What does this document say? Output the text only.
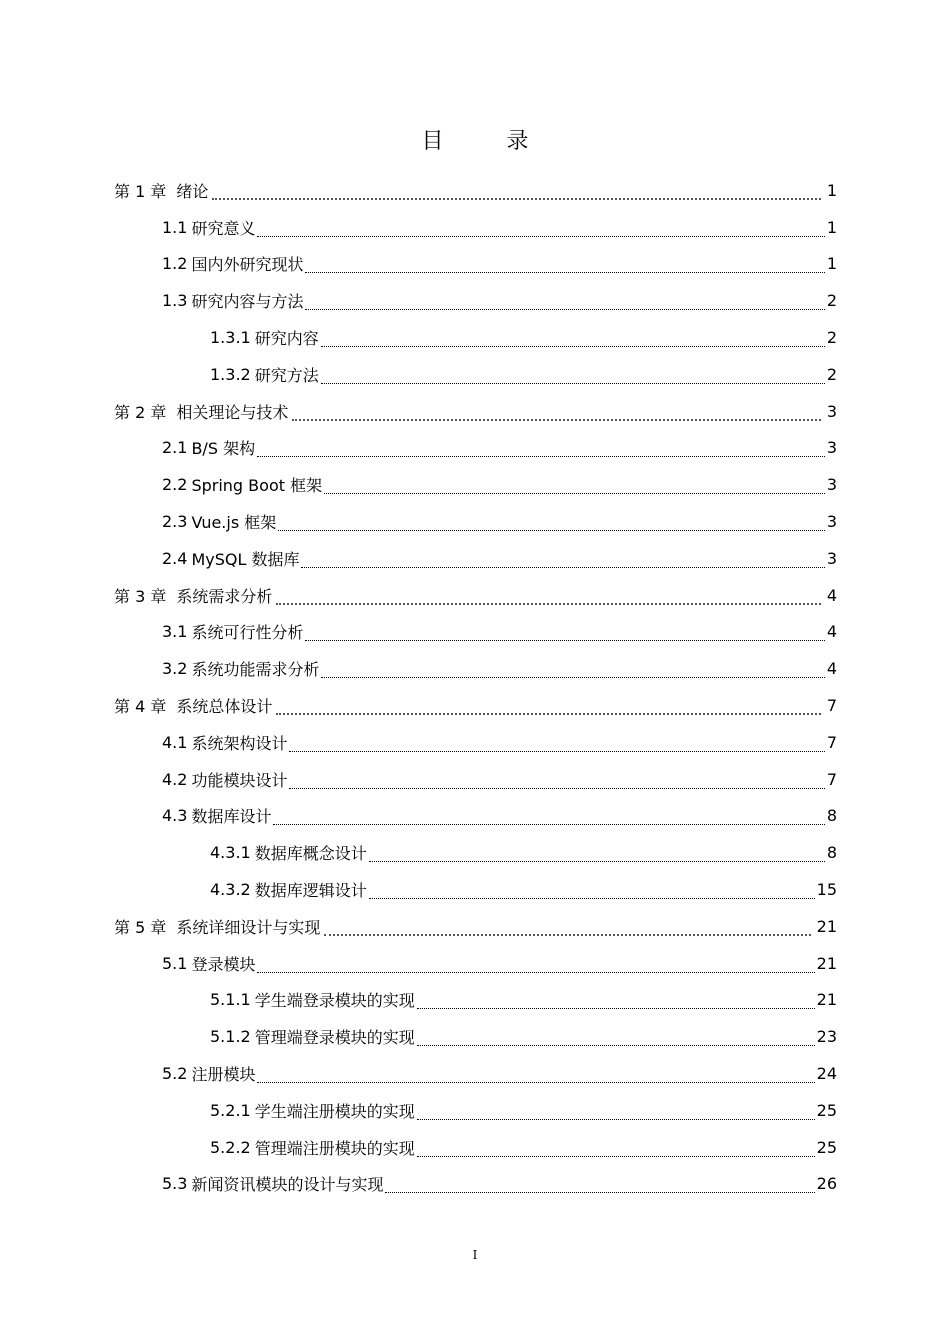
目 录
第 1 章 绪论	1
1.1 研究意义	1
1.2 国内外研究现状	1
1.3 研究内容与方法	2
1.3.1 研究内容	2
1.3.2 研究方法	2
第 2 章 相关理论与技术	3
2.1 B/S 架构	3
2.2 Spring Boot 框架	3
2.3 Vue.js 框架	3
2.4 MySQL 数据库	3
第 3 章 系统需求分析	4
3.1 系统可行性分析	4
3.2 系统功能需求分析	4
第 4 章 系统总体设计	7
4.1 系统架构设计	7
4.2 功能模块设计	7
4.3 数据库设计	8
4.3.1 数据库概念设计	8
4.3.2 数据库逻辑设计	15
第 5 章 系统详细设计与实现	21
5.1 登录模块	21
5.1.1 学生端登录模块的实现	21
5.1.2 管理端登录模块的实现	23
5.2 注册模块	24
5.2.1 学生端注册模块的实现	25
5.2.2 管理端注册模块的实现	25
5.3 新闻资讯模块的设计与实现	26
I
